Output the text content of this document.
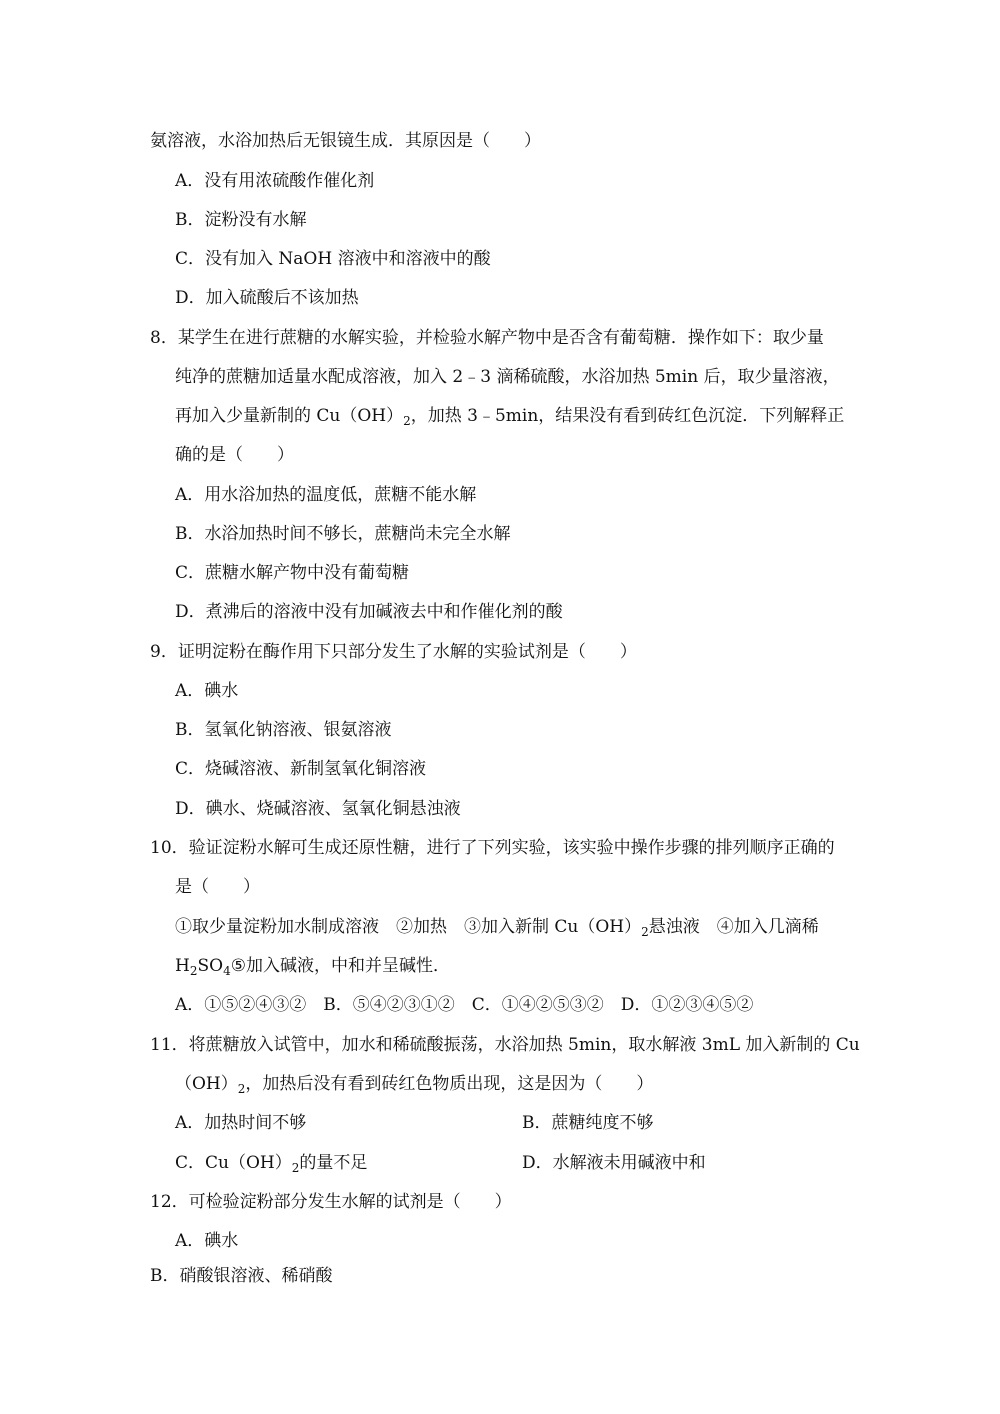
氨溶液，水浴加热后无银镜生成．其原因是（　　）
A．没有用浓硫酸作催化剂
B．淀粉没有水解
C．没有加入 NaOH 溶液中和溶液中的酸
D．加入硫酸后不该加热
8．某学生在进行蔗糖的水解实验，并检验水解产物中是否含有葡萄糖．操作如下：取少量
纯净的蔗糖加适量水配成溶液，加入 2﹣3 滴稀硫酸，水浴加热 5min 后，取少量溶液，
再加入少量新制的 $Cu(OH)_2$，加热 3﹣5min，结果没有看到砖红色沉淀．下列解释正
确的是（　　）
A．用水浴加热的温度低，蔗糖不能水解
B．水浴加热时间不够长，蔗糖尚未完全水解
C．蔗糖水解产物中没有葡萄糖
D．煮沸后的溶液中没有加碱液去中和作催化剂的酸
9．证明淀粉在酶作用下只部分发生了水解的实验试剂是（　　）
A．碘水
B．氢氧化钠溶液、银氨溶液
C．烧碱溶液、新制氢氧化铜溶液
D．碘水、烧碱溶液、氢氧化铜悬浊液
10．验证淀粉水解可生成还原性糖，进行了下列实验，该实验中操作步骤的排列顺序正确的
是（　　）
①取少量淀粉加水制成溶液　②加热　③加入新制 $Cu(OH)_2$悬浊液　④加入几滴稀
$H_2SO_4⑤$加入碱液，中和并呈碱性．
A．①⑤②④③②　B．⑤④②③①②　C．①④②⑤③②　D．①②③④⑤②
11．将蔗糖放入试管中，加水和稀硫酸振荡，水浴加热 5min，取水解液 3mL 加入新制的 Cu
$(OH)_2$，加热后没有看到砖红色物质出现，这是因为（　　）
A．加热时间不够	B．蔗糖纯度不够
C．$Cu(OH)_2$的量不足	D．水解液未用碱液中和
12．可检验淀粉部分发生水解的试剂是（　　）
A．碘水
B．硝酸银溶液、稀硝酸
